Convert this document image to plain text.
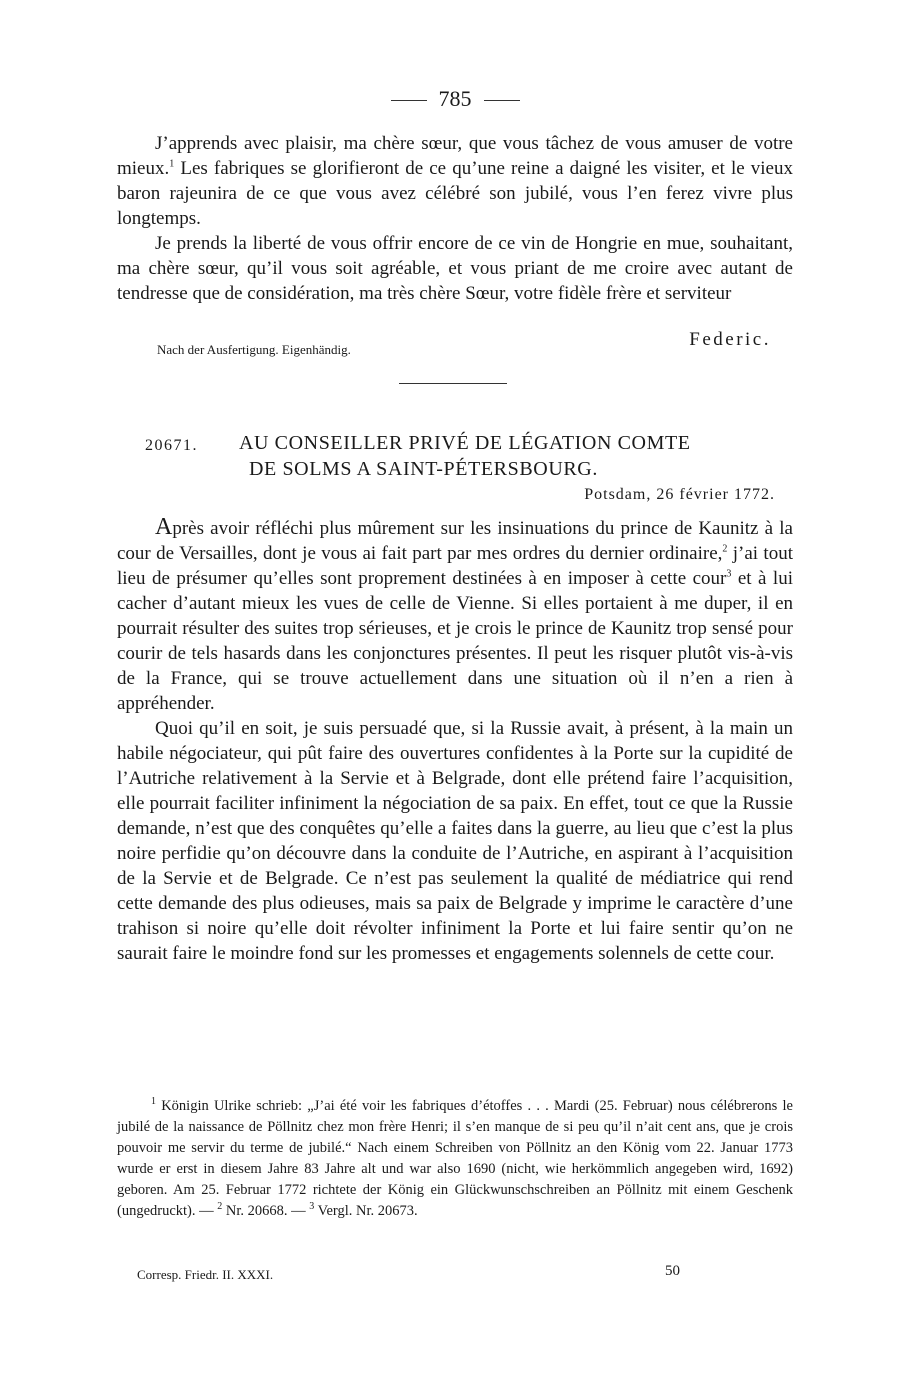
785

J’apprends avec plaisir, ma chère sœur, que vous tâchez de vous amuser de votre mieux.$^1$ Les fabriques se glorifieront de ce qu’une reine a daigné les visiter, et le vieux baron rajeunira de ce que vous avez célébré son jubilé, vous l’en ferez vivre plus longtemps.

Je prends la liberté de vous offrir encore de ce vin de Hongrie en mue, souhaitant, ma chère sœur, qu’il vous soit agréable, et vous priant de me croire avec autant de tendresse que de considération, ma très chère Sœur, votre fidèle frère et serviteur

Nach der Ausfertigung. Eigenhändig.	Federic.
20671. AU CONSEILLER PRIVÉ DE LÉGATION COMTE
DE SOLMS A SAINT-PÉTERSBOURG.
Potsdam, 26 février 1772.

Après avoir réfléchi plus mûrement sur les insinuations du prince de Kaunitz à la cour de Versailles, dont je vous ai fait part par mes ordres du dernier ordinaire,$^2$ j’ai tout lieu de présumer qu’elles sont proprement destinées à en imposer à cette cour$^3$ et à lui cacher d’autant mieux les vues de celle de Vienne. Si elles portaient à me duper, il en pourrait résulter des suites trop sérieuses, et je crois le prince de Kaunitz trop sensé pour courir de tels hasards dans les conjonctures présentes. Il peut les risquer plutôt vis-à-vis de la France, qui se trouve actuellement dans une situation où il n’en a rien à appréhender.

Quoi qu’il en soit, je suis persuadé que, si la Russie avait, à présent, à la main un habile négociateur, qui pût faire des ouvertures confidentes à la Porte sur la cupidité de l’Autriche relativement à la Servie et à Belgrade, dont elle prétend faire l’acquisition, elle pourrait faciliter infiniment la négociation de sa paix. En effet, tout ce que la Russie demande, n’est que des conquêtes qu’elle a faites dans la guerre, au lieu que c’est la plus noire perfidie qu’on découvre dans la conduite de l’Autriche, en aspirant à l’acquisition de la Servie et de Belgrade. Ce n’est pas seulement la qualité de médiatrice qui rend cette demande des plus odieuses, mais sa paix de Belgrade y imprime le caractère d’une trahison si noire qu’elle doit révolter infiniment la Porte et lui faire sentir qu’on ne saurait faire le moindre fond sur les promesses et engagements solennels de cette cour.

$^1$ Königin Ulrike schrieb: „J’ai été voir les fabriques d’étoffes . . . Mardi (25. Februar) nous célébrerons le jubilé de la naissance de Pöllnitz chez mon frère Henri; il s’en manque de si peu qu’il n’ait cent ans, que je crois pouvoir me servir du terme de jubilé.“ Nach einem Schreiben von Pöllnitz an den König vom 22. Januar 1773 wurde er erst in diesem Jahre 83 Jahre alt und war also 1690 (nicht, wie herkömmlich angegeben wird, 1692) geboren. Am 25. Februar 1772 richtete der König ein Glückwunschschreiben an Pöllnitz mit einem Geschenk (ungedruckt). — $^2$ Nr. 20668. — $^3$ Vergl. Nr. 20673.

Corresp. Friedr. II. XXXI.	50
